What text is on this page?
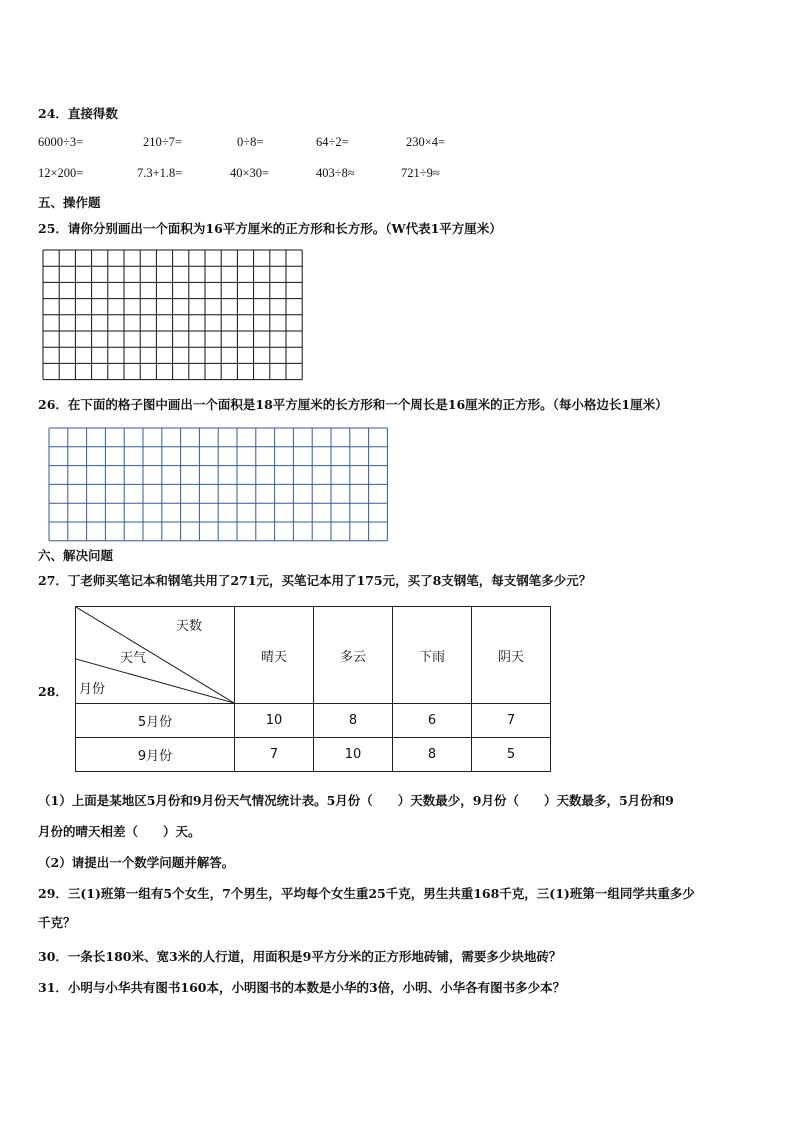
24．直接得数
6000÷3=	210÷7=	0÷8=	64÷2=	230×4=
12×200=	7.3+1.8=	40×30=	403÷8≈	721÷9≈
五、操作题
25．请你分别画出一个面积为16平方厘米的正方形和长方形。（W代表1平方厘米）
26．在下面的格子图中画出一个面积是18平方厘米的长方形和一个周长是16厘米的正方形。（每小格边长1厘米）
六、解决问题
27．丁老师买笔记本和钢笔共用了271元，买笔记本用了175元，买了8支钢笔，每支钢笔多少元？
28．
天数
天气
月份	晴天	多云	下雨	阴天
5月份	10	8	6	7
9月份	7	10	8	5
（1）上面是某地区5月份和9月份天气情况统计表。5月份（　　）天数最少，9月份（　　）天数最多，5月份和9
月份的晴天相差（　　）天。
（2）请提出一个数学问题并解答。
29．三(1)班第一组有5个女生，7个男生，平均每个女生重25千克，男生共重168千克，三(1)班第一组同学共重多少
千克？
30．一条长180米、宽3米的人行道，用面积是9平方分米的正方形地砖铺，需要多少块地砖？
31．小明与小华共有图书160本，小明图书的本数是小华的3倍，小明、小华各有图书多少本？
